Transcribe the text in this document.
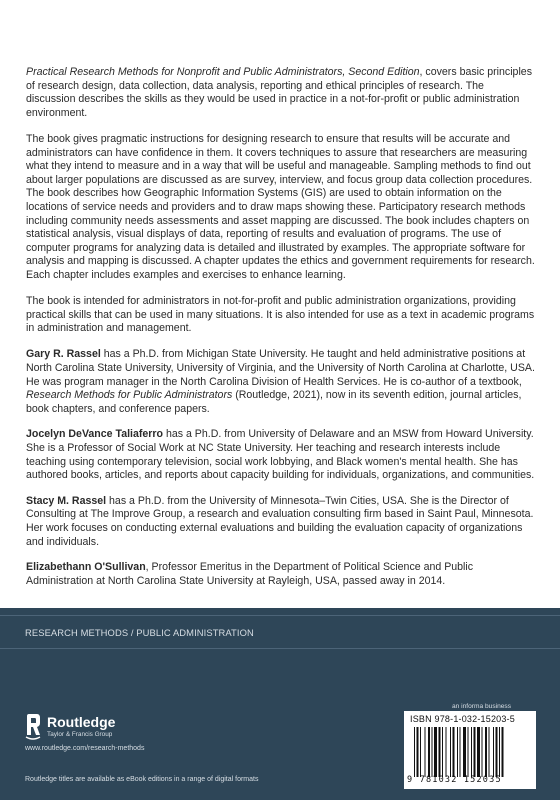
Practical Research Methods for Nonprofit and Public Administrators, Second Edition, covers basic principles of research design, data collection, data analysis, reporting and ethical principles of research. The discussion describes the skills as they would be used in practice in a not-for-profit or public administration environment.

The book gives pragmatic instructions for designing research to ensure that results will be accurate and administrators can have confidence in them. It covers techniques to assure that researchers are measuring what they intend to measure and in a way that will be useful and manageable. Sampling methods to find out about larger populations are discussed as are survey, interview, and focus group data collection procedures. The book describes how Geographic Information Systems (GIS) are used to obtain information on the locations of service needs and providers and to draw maps showing these. Participatory research methods including community needs assessments and asset mapping are discussed. The book includes chapters on statistical analysis, visual displays of data, reporting of results and evaluation of programs. The use of computer programs for analyzing data is detailed and illustrated by examples. The appropriate software for analysis and mapping is discussed. A chapter updates the ethics and government requirements for research. Each chapter includes examples and exercises to enhance learning.

The book is intended for administrators in not-for-profit and public administration organizations, providing practical skills that can be used in many situations. It is also intended for use as a text in academic programs in administration and management.

Gary R. Rassel has a Ph.D. from Michigan State University. He taught and held administrative positions at North Carolina State University, University of Virginia, and the University of North Carolina at Charlotte, USA. He was program manager in the North Carolina Division of Health Services. He is co-author of a textbook, Research Methods for Public Administrators (Routledge, 2021), now in its seventh edition, journal articles, book chapters, and conference papers.

Jocelyn DeVance Taliaferro has a Ph.D. from University of Delaware and an MSW from Howard University. She is a Professor of Social Work at NC State University. Her teaching and research interests include teaching using contemporary television, social work lobbying, and Black women's mental health. She has authored books, articles, and reports about capacity building for individuals, organizations, and communities.

Stacy M. Rassel has a Ph.D. from the University of Minnesota–Twin Cities, USA. She is the Director of Consulting at The Improve Group, a research and evaluation consulting firm based in Saint Paul, Minnesota. Her work focuses on conducting external evaluations and building the evaluation capacity of organizations and individuals.

Elizabethann O'Sullivan, Professor Emeritus in the Department of Political Science and Public Administration at North Carolina State University at Rayleigh, USA, passed away in 2014.

RESEARCH METHODS / PUBLIC ADMINISTRATION
Routledge
Taylor & Francis Group
www.routledge.com/research-methods
Routledge titles are available as eBook editions in a range of digital formats
an informa business
ISBN 978-1-032-15203-5
9 781032 152035
